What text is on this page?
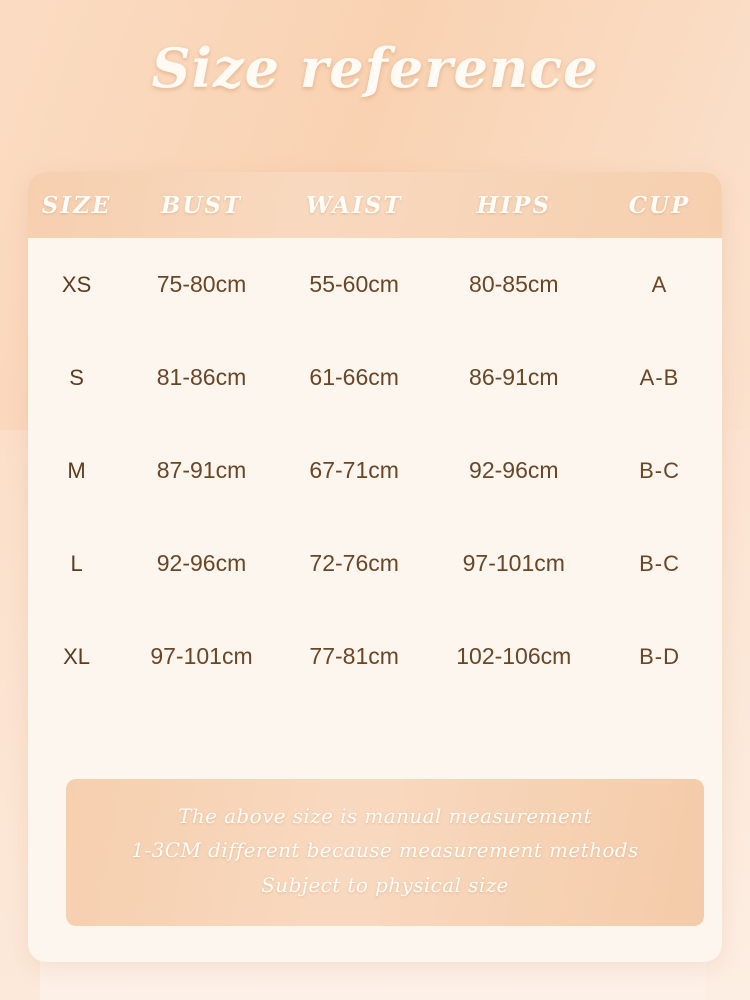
Size reference
SIZE	BUST	WAIST	HIPS	CUP
XS	75-80cm	55-60cm	80-85cm	A
S	81-86cm	61-66cm	86-91cm	A-B
M	87-91cm	67-71cm	92-96cm	B-C
L	92-96cm	72-76cm	97-101cm	B-C
XL	97-101cm	77-81cm	102-106cm	B-D
The above size is manual measurement
1-3CM different because measurement methods
Subject to physical size
